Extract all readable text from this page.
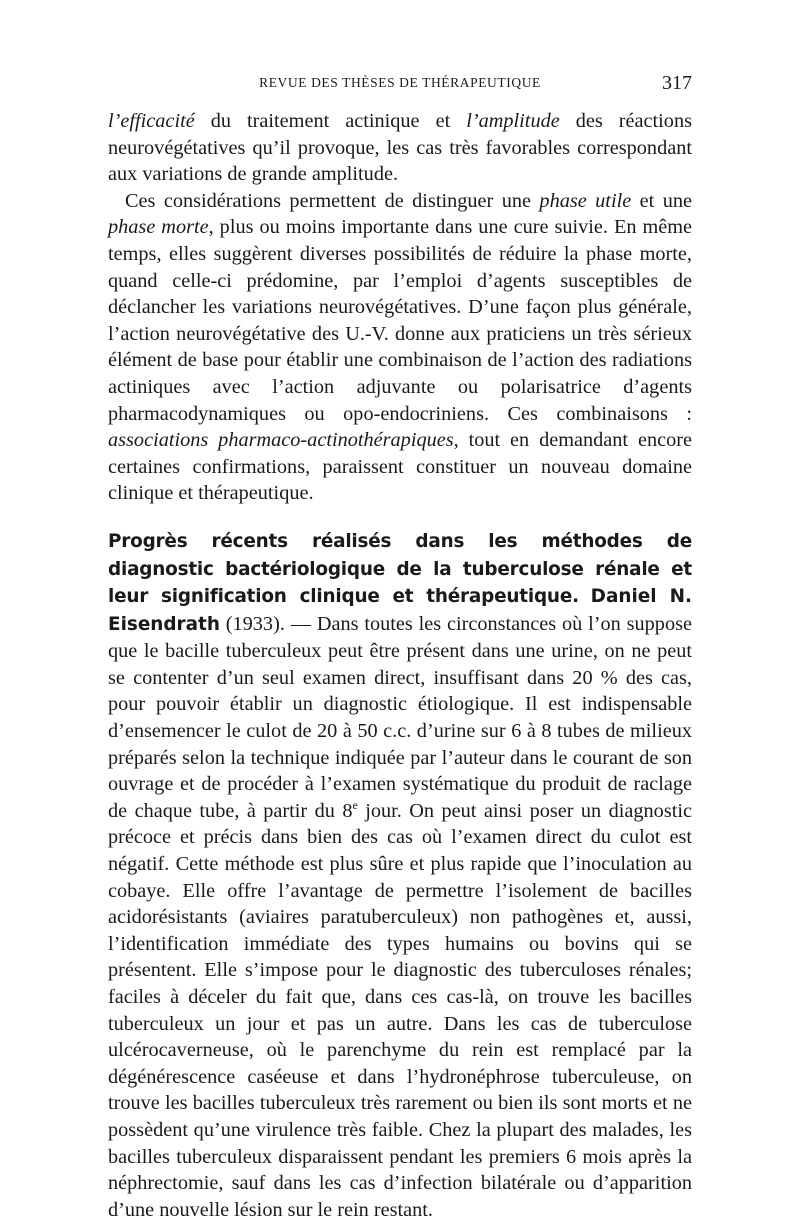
REVUE DES THÈSES DE THÉRAPEUTIQUE	317

l’efficacité du traitement actinique et l’amplitude des réactions neurovégétatives qu’il provoque, les cas très favorables correspondant aux variations de grande amplitude.

Ces considérations permettent de distinguer une phase utile et une phase morte, plus ou moins importante dans une cure suivie. En même temps, elles suggèrent diverses possibilités de réduire la phase morte, quand celle-ci prédomine, par l’emploi d’agents susceptibles de déclancher les variations neurovégétatives. D’une façon plus générale, l’action neurovégétative des U.-V. donne aux praticiens un très sérieux élément de base pour établir une combinaison de l’action des radiations actiniques avec l’action adjuvante ou polarisatrice d’agents pharmacodynamiques ou opo-endocriniens. Ces combinaisons : associations pharmaco-actinothérapiques, tout en demandant encore certaines confirmations, paraissent constituer un nouveau domaine clinique et thérapeutique.

Progrès récents réalisés dans les méthodes de diagnostic bactériologique de la tuberculose rénale et leur signification clinique et thérapeutique. Daniel N. Eisendrath (1933). — Dans toutes les circonstances où l’on suppose que le bacille tuberculeux peut être présent dans une urine, on ne peut se contenter d’un seul examen direct, insuffisant dans 20 % des cas, pour pouvoir établir un diagnostic étiologique. Il est indispensable d’ensemencer le culot de 20 à 50 c.c. d’urine sur 6 à 8 tubes de milieux préparés selon la technique indiquée par l’auteur dans le courant de son ouvrage et de procéder à l’examen systématique du produit de raclage de chaque tube, à partir du 8e jour. On peut ainsi poser un diagnostic précoce et précis dans bien des cas où l’examen direct du culot est négatif. Cette méthode est plus sûre et plus rapide que l’inoculation au cobaye. Elle offre l’avantage de permettre l’isolement de bacilles acidorésistants (aviaires paratuberculeux) non pathogènes et, aussi, l’identification immédiate des types humains ou bovins qui se présentent. Elle s’impose pour le diagnostic des tuberculoses rénales; faciles à déceler du fait que, dans ces cas-là, on trouve les bacilles tuberculeux un jour et pas un autre. Dans les cas de tuberculose ulcérocaverneuse, où le parenchyme du rein est remplacé par la dégénérescence caséeuse et dans l’hydronéphrose tuberculeuse, on trouve les bacilles tuberculeux très rarement ou bien ils sont morts et ne possèdent qu’une virulence très faible. Chez la plupart des malades, les bacilles tuberculeux disparaissent pendant les premiers 6 mois après la néphrectomie, sauf dans les cas d’infection bilatérale ou d’apparition d’une nouvelle lésion sur le rein restant.
